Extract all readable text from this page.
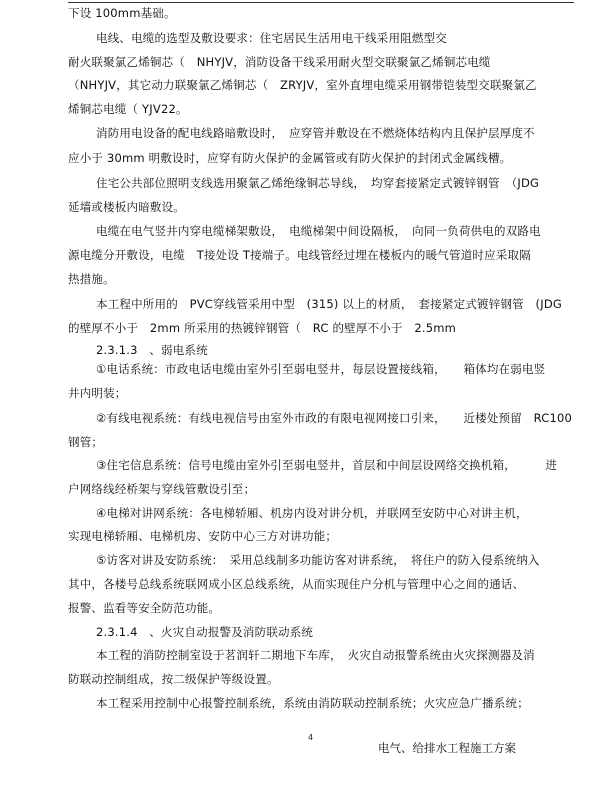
下设 100mm基础。
电线、电缆的选型及敷设要求：住宅居民生活用电干线采用阻燃型交
耐火联聚氯乙烯铜芯（　NHYJV，消防设备干线采用耐火型交联聚氯乙烯铜芯电缆
（NHYJV，其它动力联聚氯乙烯铜芯（　ZRYJV，室外直埋电缆采用钢带铠装型交联聚氯乙
烯铜芯电缆（ YJV22。
消防用电设备的配电线路暗敷设时，　应穿管并敷设在不燃烧体结构内且保护层厚度不
应小于 30mm 明敷设时，应穿有防火保护的金属管或有防火保护的封闭式金属线槽。
住宅公共部位照明支线选用聚氯乙烯绝缘铜芯导线，　均穿套接紧定式镀锌钢管　（JDG
延墙或楼板内暗敷设。
电缆在电气竖井内穿电缆梯架敷设，　电缆梯架中间设隔板，　向同一负荷供电的双路电
源电缆分开敷设，电缆　T接处设 T接端子。电线管经过埋在楼板内的暖气管道时应采取隔
热措施。
本工程中所用的　PVC穿线管采用中型　(315) 以上的材质，　套接紧定式镀锌钢管　(JDG
的壁厚不小于　2mm 所采用的热镀锌钢管（　RC 的壁厚不小于　2.5mm
2.3.1.3　、弱电系统
①电话系统：市政电话电缆由室外引至弱电竖井，每层设置接线箱，　　箱体均在弱电竖
井内明装；
②有线电视系统：有线电视信号由室外市政的有限电视网接口引来，　　近楼处预留　RC100
钢管；
③住宅信息系统：信号电缆由室外引至弱电竖井，首层和中间层设网络交换机箱，　　　进
户网络线经桥架与穿线管敷设引至；
④电梯对讲网系统：各电梯轿厢、机房内设对讲分机，并联网至安防中心对讲主机，
实现电梯轿厢、电梯机房、安防中心三方对讲功能；
⑤访客对讲及安防系统：　采用总线制多功能访客对讲系统，　将住户的防入侵系统纳入
其中，各楼号总线系统联网成小区总线系统，从而实现住户分机与管理中心之间的通话、
报警、监看等安全防范功能。
2.3.1.4　、火灾自动报警及消防联动系统
本工程的消防控制室设于茗润轩二期地下车库，　火灾自动报警系统由火灾探测器及消
防联动控制组成，按二级保护等级设置。
本工程采用控制中心报警控制系统，系统由消防联动控制系统；火灾应急广播系统；
4
电气、给排水工程施工方案
